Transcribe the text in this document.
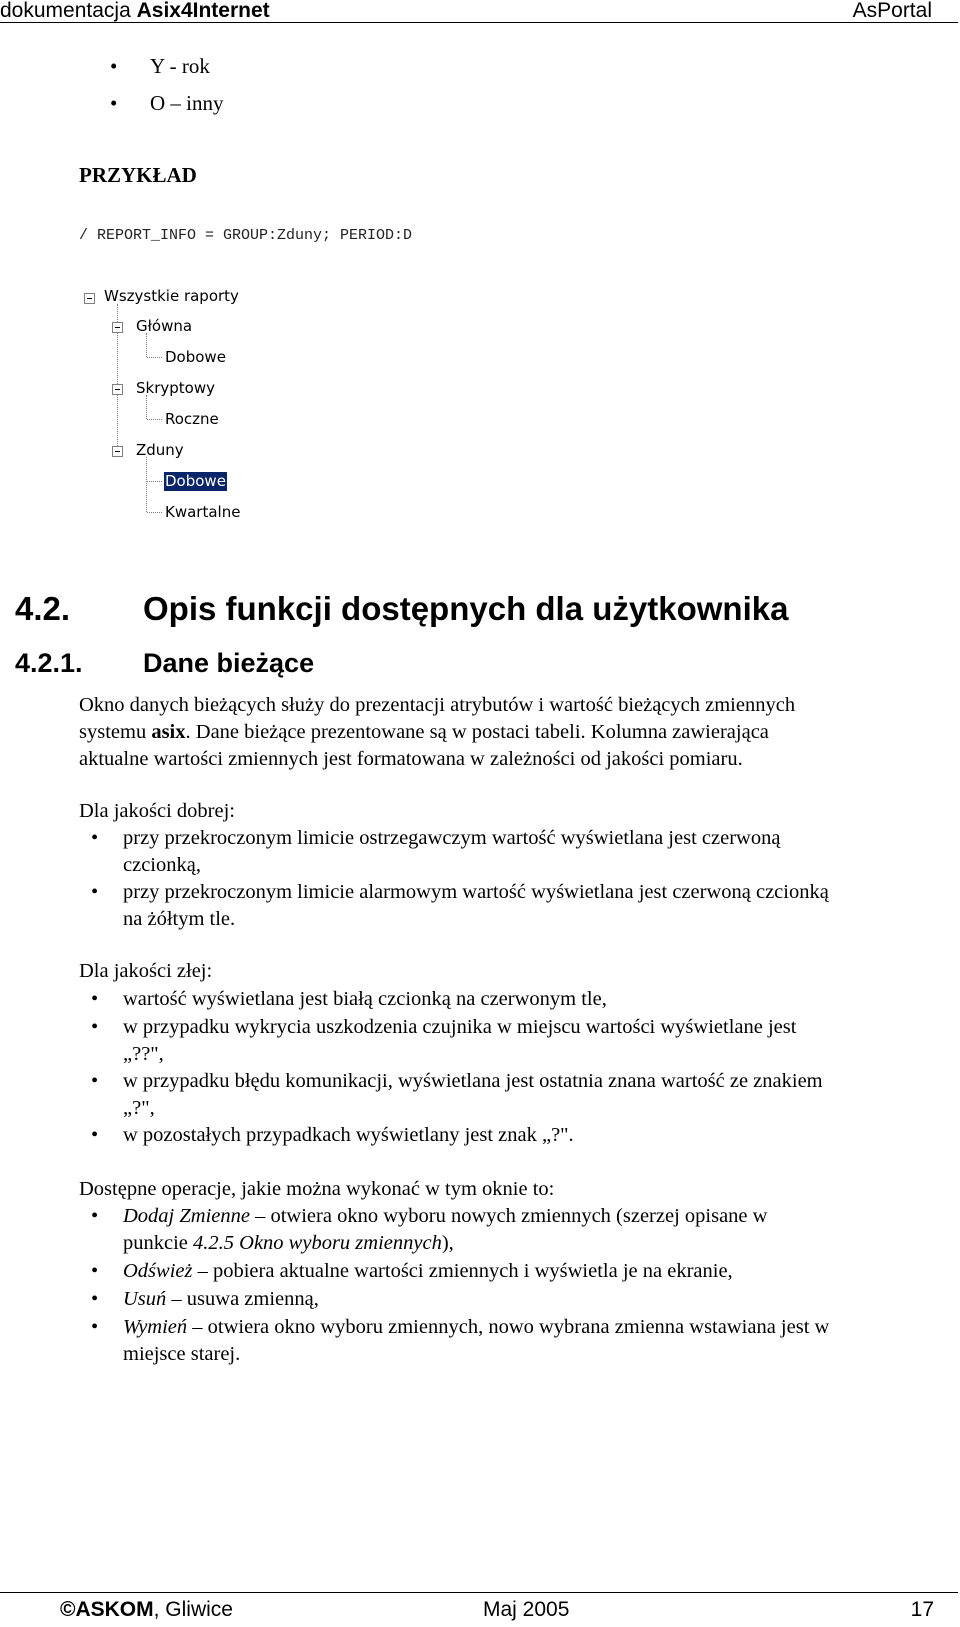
dokumentacja Asix4Internet	AsPortal
• Y - rok
• O – inny
PRZYKŁAD
/ REPORT_INFO = GROUP:Zduny; PERIOD:D
Wszystkie raporty
Główna
Dobowe
Skryptowy
Roczne
Zduny
Dobowe
Kwartalne
4.2. Opis funkcji dostępnych dla użytkownika
4.2.1. Dane bieżące
Okno danych bieżących służy do prezentacji atrybutów i wartość bieżących zmiennych
systemu asix. Dane bieżące prezentowane są w postaci tabeli. Kolumna zawierająca
aktualne wartości zmiennych jest formatowana w zależności od jakości pomiaru.
Dla jakości dobrej:
• przy przekroczonym limicie ostrzegawczym wartość wyświetlana jest czerwoną
czcionką,
• przy przekroczonym limicie alarmowym wartość wyświetlana jest czerwoną czcionką
na żółtym tle.
Dla jakości złej:
• wartość wyświetlana jest białą czcionką na czerwonym tle,
• w przypadku wykrycia uszkodzenia czujnika w miejscu wartości wyświetlane jest
„??",
• w przypadku błędu komunikacji, wyświetlana jest ostatnia znana wartość ze znakiem
„?",
• w pozostałych przypadkach wyświetlany jest znak „?".
Dostępne operacje, jakie można wykonać w tym oknie to:
• Dodaj Zmienne – otwiera okno wyboru nowych zmiennych (szerzej opisane w
punkcie 4.2.5 Okno wyboru zmiennych),
• Odśwież – pobiera aktualne wartości zmiennych i wyświetla je na ekranie,
• Usuń – usuwa zmienną,
• Wymień – otwiera okno wyboru zmiennych, nowo wybrana zmienna wstawiana jest w
miejsce starej.
©ASKOM, Gliwice	Maj 2005	17
